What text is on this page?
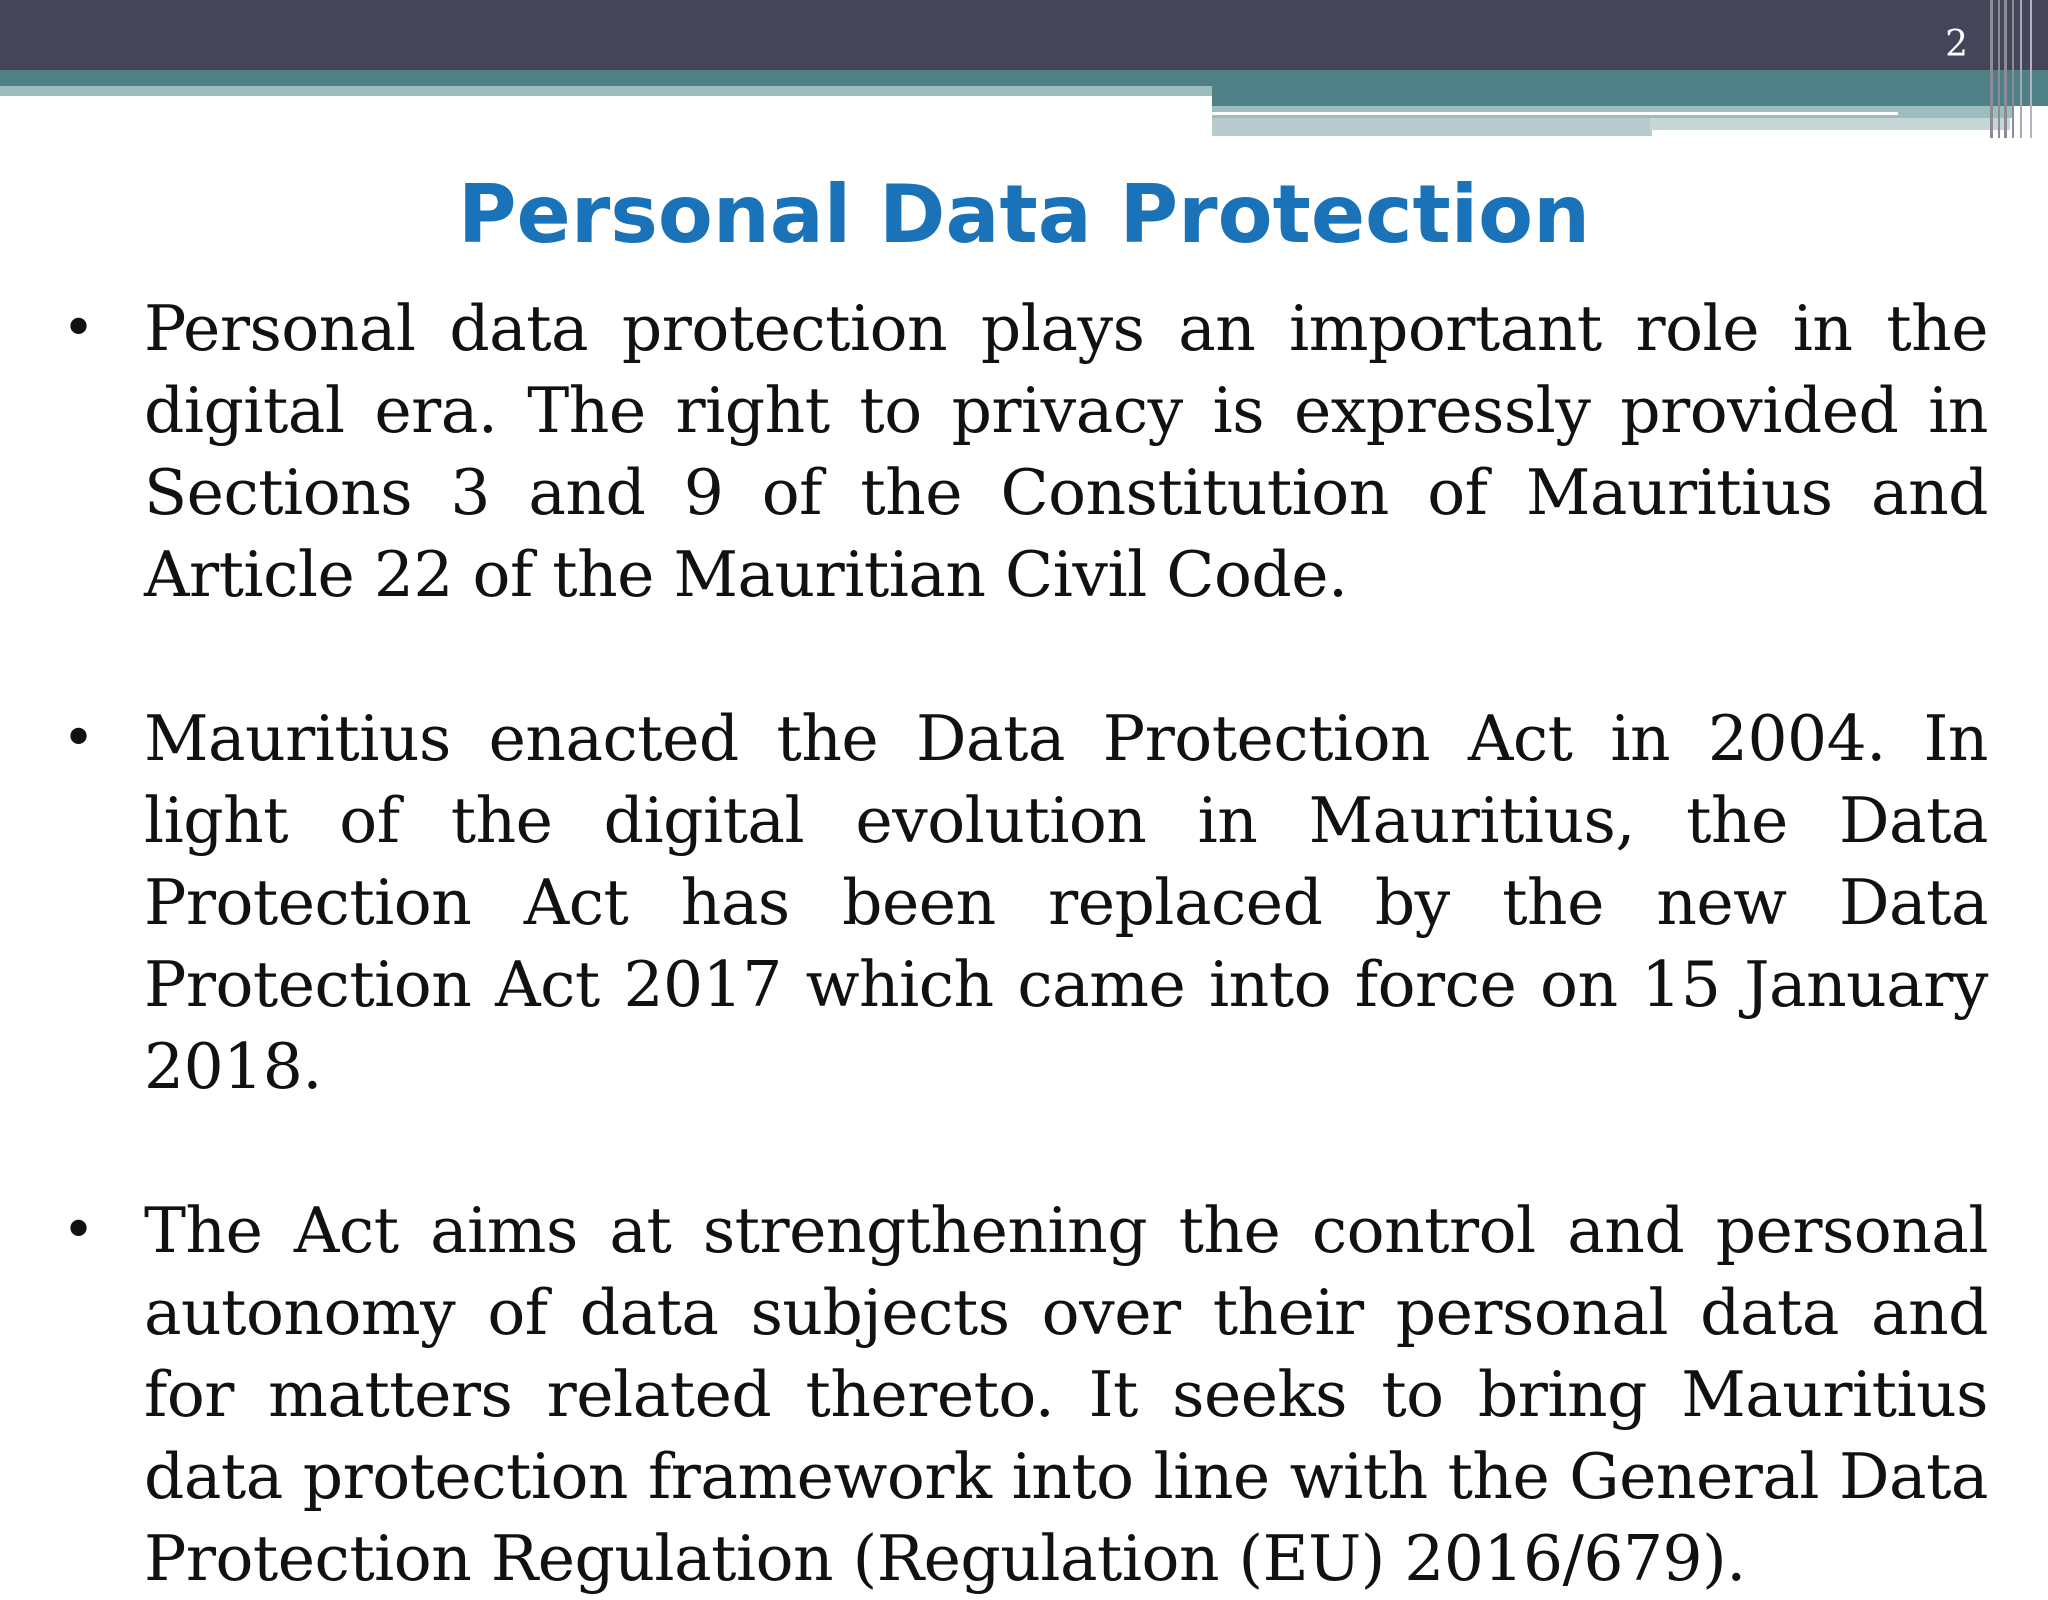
2
Personal Data Protection
• Personal data protection plays an important role in the digital era. The right to privacy is expressly provided in Sections 3 and 9 of the Constitution of Mauritius and Article 22 of the Mauritian Civil Code.
• Mauritius enacted the Data Protection Act in 2004. In light of the digital evolution in Mauritius, the Data Protection Act has been replaced by the new Data Protection Act 2017 which came into force on 15 January 2018.
• The Act aims at strengthening the control and personal autonomy of data subjects over their personal data and for matters related thereto. It seeks to bring Mauritius data protection framework into line with the General Data Protection Regulation (Regulation (EU) 2016/679).
